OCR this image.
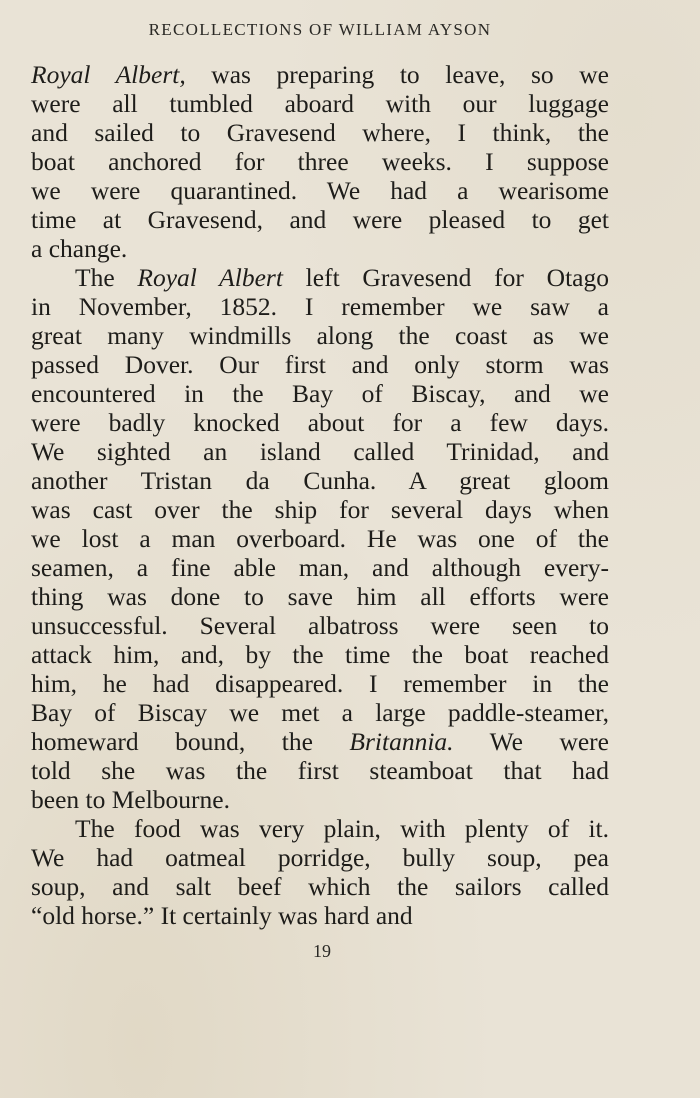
RECOLLECTIONS OF WILLIAM AYSON
Royal Albert, was preparing to leave, so we
were all tumbled aboard with our luggage
and sailed to Gravesend where, I think, the
boat anchored for three weeks. I suppose
we were quarantined. We had a wearisome
time at Gravesend, and were pleased to get
a change.
The Royal Albert left Gravesend for Otago
in November, 1852. I remember we saw a
great many windmills along the coast as we
passed Dover. Our first and only storm was
encountered in the Bay of Biscay, and we
were badly knocked about for a few days.
We sighted an island called Trinidad, and
another Tristan da Cunha. A great gloom
was cast over the ship for several days when
we lost a man overboard. He was one of the
seamen, a fine able man, and although every-
thing was done to save him all efforts were
unsuccessful. Several albatross were seen to
attack him, and, by the time the boat reached
him, he had disappeared. I remember in the
Bay of Biscay we met a large paddle-steamer,
homeward bound, the Britannia. We were
told she was the first steamboat that had
been to Melbourne.
The food was very plain, with plenty of it.
We had oatmeal porridge, bully soup, pea
soup, and salt beef which the sailors called
“old horse.” It certainly was hard and
19
